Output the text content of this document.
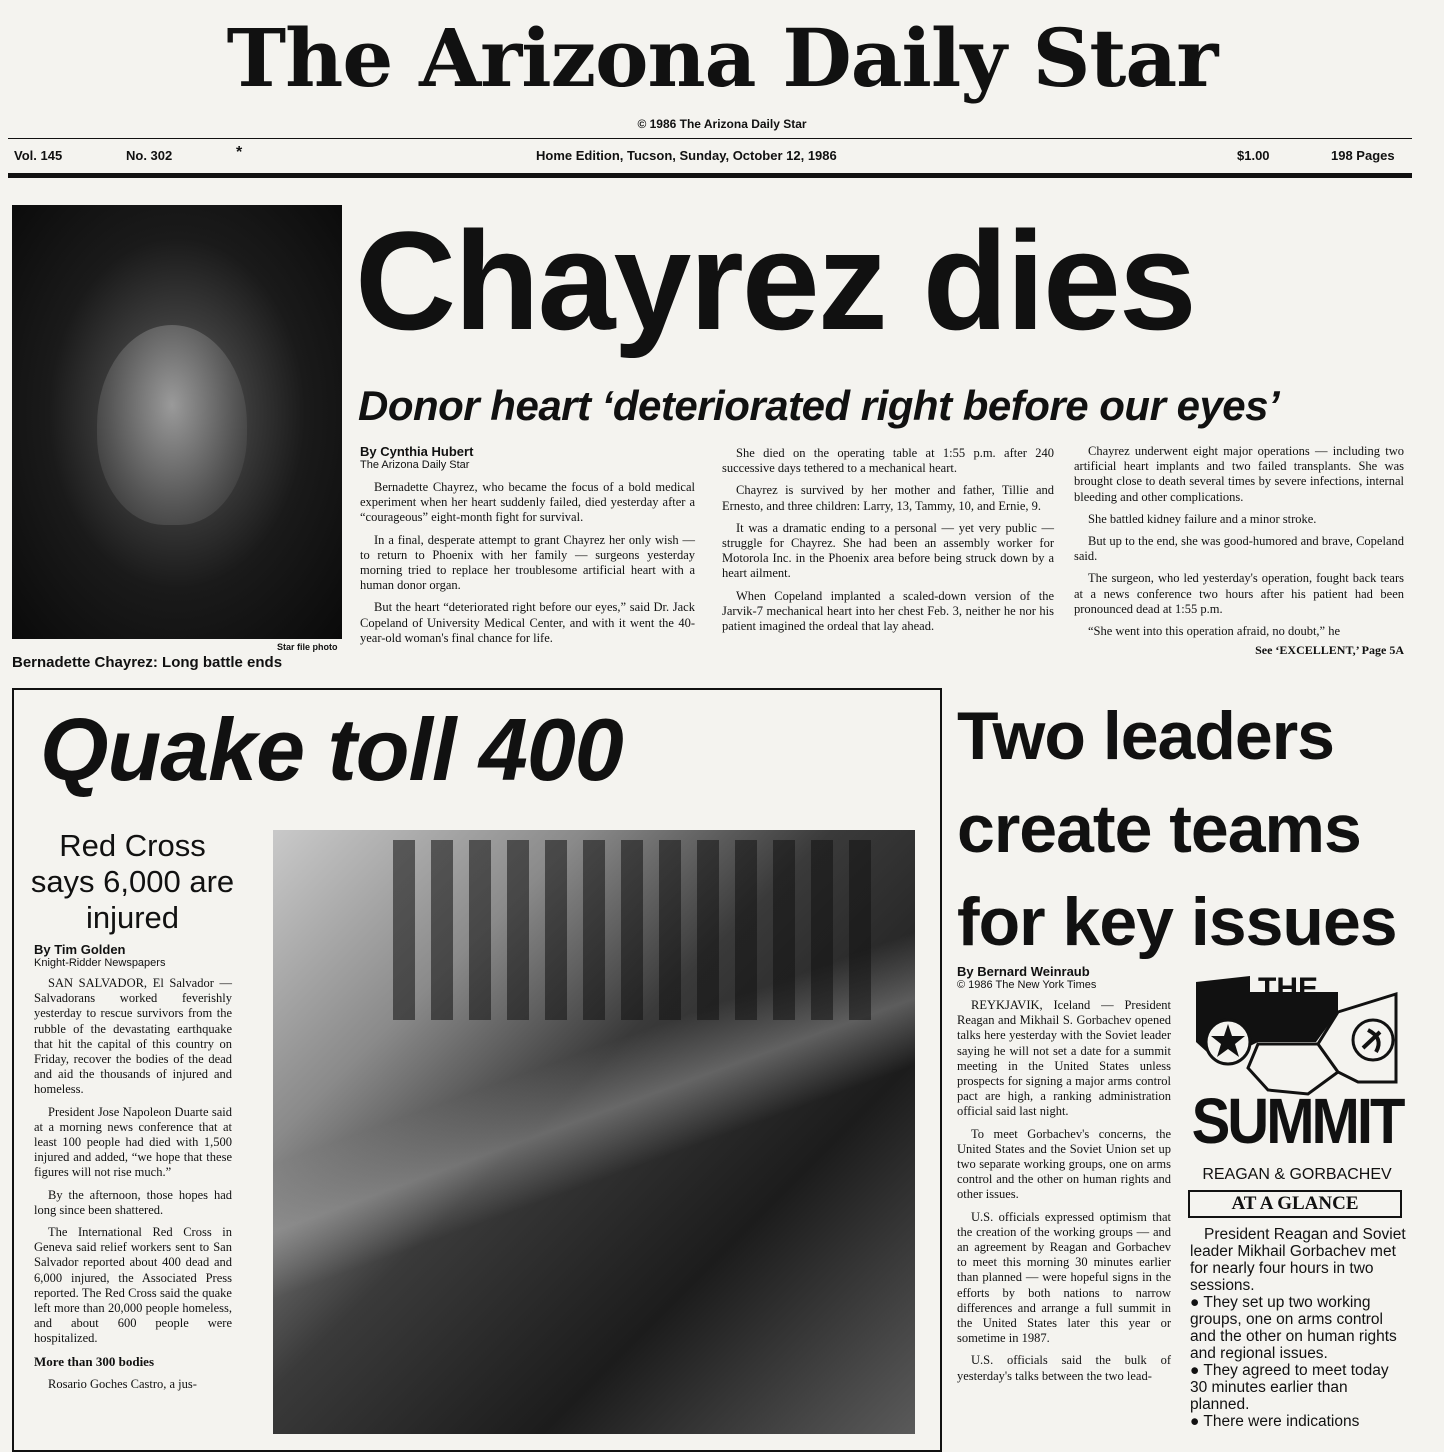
The Arizona Daily Star
© 1986 The Arizona Daily Star
Vol. 145	No. 302	*	Home Edition, Tucson, Sunday, October 12, 1986	$1.00	198 Pages
Star file photo
Bernadette Chayrez: Long battle ends
Chayrez dies
Donor heart ‘deteriorated right before our eyes’
By Cynthia Hubert
The Arizona Daily Star

Bernadette Chayrez, who became the focus of a bold medical experiment when her heart suddenly failed, died yesterday after a “courageous” eight-month fight for survival.

In a final, desperate attempt to grant Chayrez her only wish — to return to Phoenix with her family — surgeons yesterday morning tried to replace her troublesome artificial heart with a human donor organ.

But the heart “deteriorated right before our eyes,” said Dr. Jack Copeland of University Medical Center, and with it went the 40-year-old woman's final chance for life.

She died on the operating table at 1:55 p.m. after 240 successive days tethered to a mechanical heart.

Chayrez is survived by her mother and father, Tillie and Ernesto, and three children: Larry, 13, Tammy, 10, and Ernie, 9.

It was a dramatic ending to a personal — yet very public — struggle for Chayrez. She had been an assembly worker for Motorola Inc. in the Phoenix area before being struck down by a heart ailment.

When Copeland implanted a scaled-down version of the Jarvik-7 mechanical heart into her chest Feb. 3, neither he nor his patient imagined the ordeal that lay ahead.

Chayrez underwent eight major operations — including two artificial heart implants and two failed transplants. She was brought close to death several times by severe infections, internal bleeding and other complications.

She battled kidney failure and a minor stroke.

But up to the end, she was good-humored and brave, Copeland said.

The surgeon, who led yesterday's operation, fought back tears at a news conference two hours after his patient had been pronounced dead at 1:55 p.m.

“She went into this operation afraid, no doubt,” he

See ‘EXCELLENT,’ Page 5A
Quake toll 400
Red Cross says 6,000 are injured
By Tim Golden
Knight-Ridder Newspapers

SAN SALVADOR, El Salvador — Salvadorans worked feverishly yesterday to rescue survivors from the rubble of the devastating earthquake that hit the capital of this country on Friday, recover the bodies of the dead and aid the thousands of injured and homeless.

President Jose Napoleon Duarte said at a morning news conference that at least 100 people had died with 1,500 injured and added, “we hope that these figures will not rise much.”

By the afternoon, those hopes had long since been shattered.

The International Red Cross in Geneva said relief workers sent to San Salvador reported about 400 dead and 6,000 injured, the Associated Press reported. The Red Cross said the quake left more than 20,000 people homeless, and about 600 people were hospitalized.

More than 300 bodies

Rosario Goches Castro, a jus-

Two leaders create teams for key issues
By Bernard Weinraub
© 1986 The New York Times

REYKJAVIK, Iceland — President Reagan and Mikhail S. Gorbachev opened talks here yesterday with the Soviet leader saying he will not set a date for a summit meeting in the United States unless prospects for signing a major arms control pact are high, a ranking administration official said last night.

To meet Gorbachev's concerns, the United States and the Soviet Union set up two separate working groups, one on arms control and the other on human rights and other issues.

U.S. officials expressed optimism that the creation of the working groups — and an agreement by Reagan and Gorbachev to meet this morning 30 minutes earlier than planned — were hopeful signs in the efforts by both nations to narrow differences and arrange a full summit in the United States later this year or sometime in 1987.

U.S. officials said the bulk of yesterday's talks between the two lead-

THE
SUMMIT
REAGAN & GORBACHEV
AT A GLANCE

President Reagan and Soviet leader Mikhail Gorbachev met for nearly four hours in two sessions.

● They set up two working groups, one on arms control and the other on human rights and regional issues.

● They agreed to meet today 30 minutes earlier than planned.

● There were indications
